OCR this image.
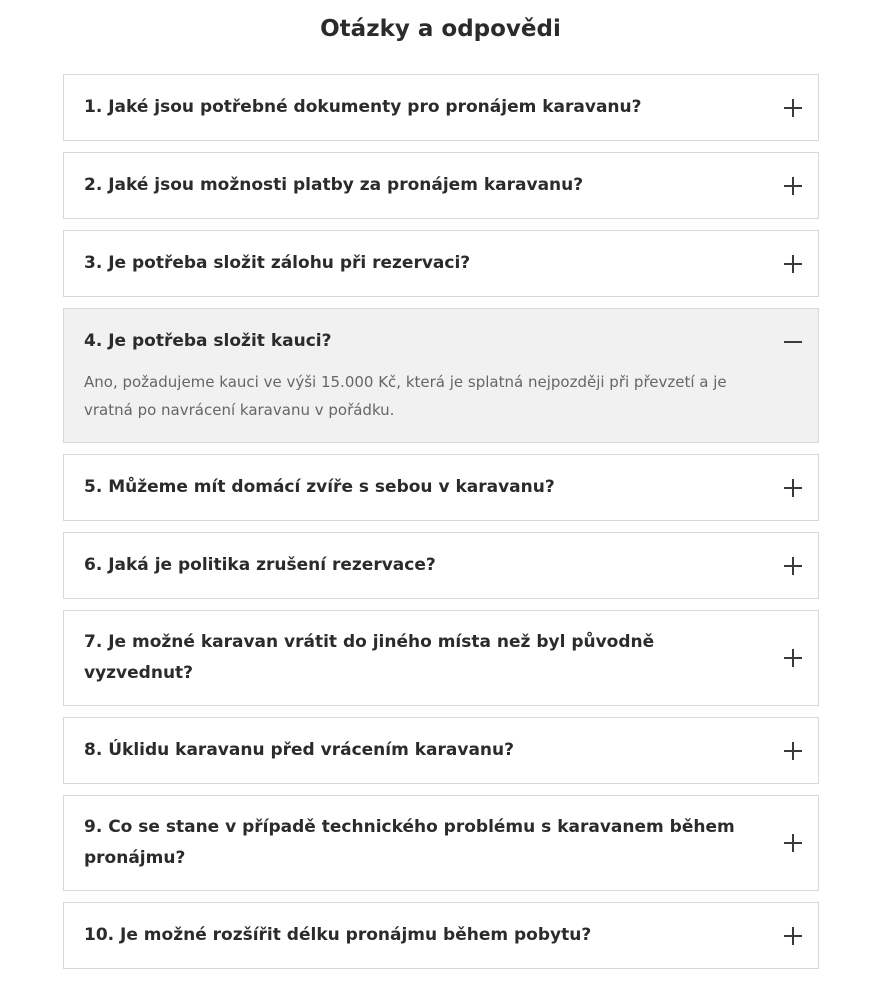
Otázky a odpovědi
1. Jaké jsou potřebné dokumenty pro pronájem karavanu?
2. Jaké jsou možnosti platby za pronájem karavanu?
3. Je potřeba složit zálohu při rezervaci?
4. Je potřeba složit kauci?
Ano, požadujeme kauci ve výši 15.000 Kč, která je splatná nejpozději při převzetí a je vratná po navrácení karavanu v pořádku.
5. Můžeme mít domácí zvíře s sebou v karavanu?
6. Jaká je politika zrušení rezervace?
7. Je možné karavan vrátit do jiného místa než byl původně vyzvednut?
8. Úklidu karavanu před vrácením karavanu?
9. Co se stane v případě technického problému s karavanem během pronájmu?
10. Je možné rozšířit délku pronájmu během pobytu?
